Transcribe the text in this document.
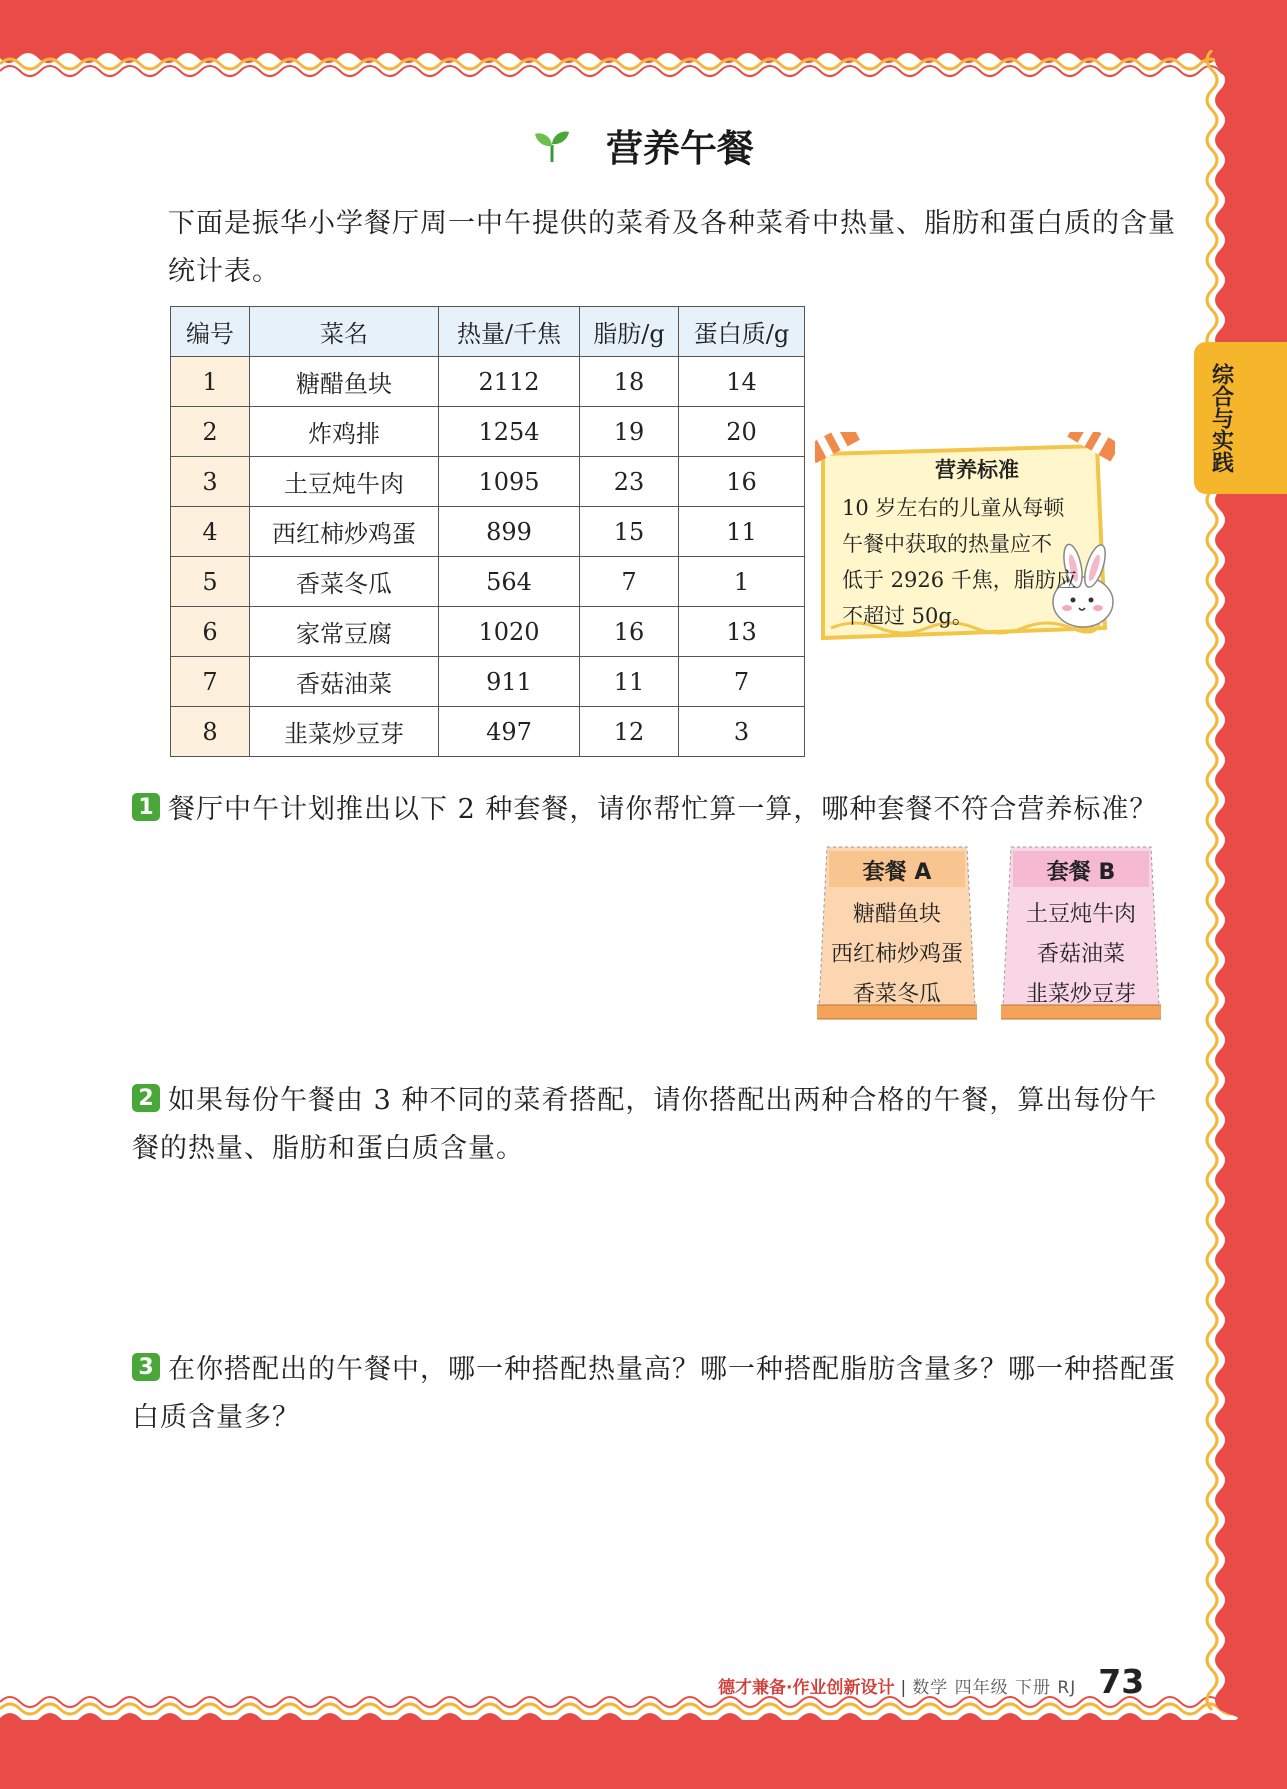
营养午餐
下面是振华小学餐厅周一中午提供的菜肴及各种菜肴中热量、脂肪和蛋白质的含量统计表。
编号	菜名	热量/千焦	脂肪/g	蛋白质/g
1	糖醋鱼块	2112	18	14
2	炸鸡排	1254	19	20
3	土豆炖牛肉	1095	23	16
4	西红柿炒鸡蛋	899	15	11
5	香菜冬瓜	564	7	1
6	家常豆腐	1020	16	13
7	香菇油菜	911	11	7
8	韭菜炒豆芽	497	12	3
营养标准
10 岁左右的儿童从每顿
午餐中获取的热量应不
低于 2926 千焦，脂肪应
不超过 50g。
综合与实践
1 餐厅中午计划推出以下 2 种套餐，请你帮忙算一算，哪种套餐不符合营养标准？
套餐 A
糖醋鱼块
西红柿炒鸡蛋
香菜冬瓜
套餐 B
土豆炖牛肉
香菇油菜
韭菜炒豆芽
2 如果每份午餐由 3 种不同的菜肴搭配，请你搭配出两种合格的午餐，算出每份午餐的热量、脂肪和蛋白质含量。
3 在你搭配出的午餐中，哪一种搭配热量高？哪一种搭配脂肪含量多？哪一种搭配蛋白质含量多？
德才兼备·作业创新设计 | 数学 四年级 下册 RJ 73
